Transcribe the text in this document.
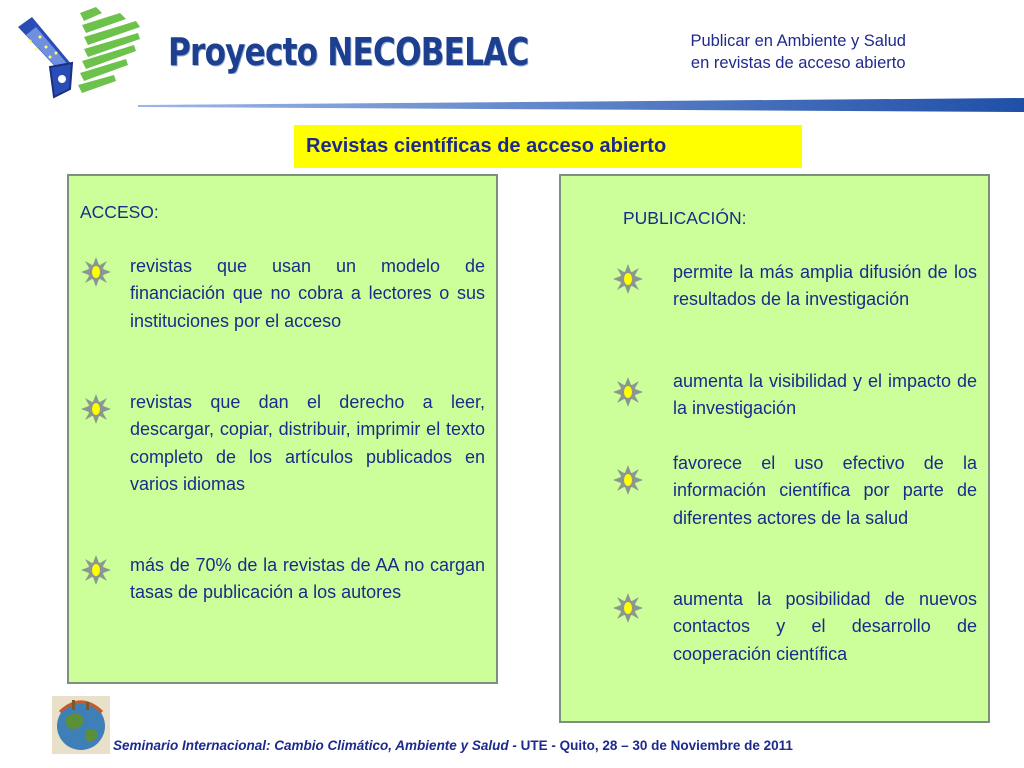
Proyecto NECOBELAC	Publicar en Ambiente y Salud
en revistas de acceso abierto
Revistas científicas de acceso abierto
ACCESO:
revistas que usan un modelo de financiación que no cobra a lectores o sus instituciones por el acceso
revistas que dan el derecho a leer, descargar, copiar, distribuir, imprimir el texto completo de los artículos publicados en varios idiomas
más de 70% de la revistas de AA no cargan tasas de publicación a los autores
PUBLICACIÓN:
permite la más amplia difusión de los resultados de la investigación
aumenta la visibilidad y el impacto de la investigación
favorece el uso efectivo de la información científica por parte de diferentes actores de la salud
aumenta la posibilidad de nuevos contactos y el desarrollo de cooperación científica
Seminario Internacional: Cambio Climático, Ambiente y Salud - UTE - Quito, 28 – 30 de Noviembre de 2011
